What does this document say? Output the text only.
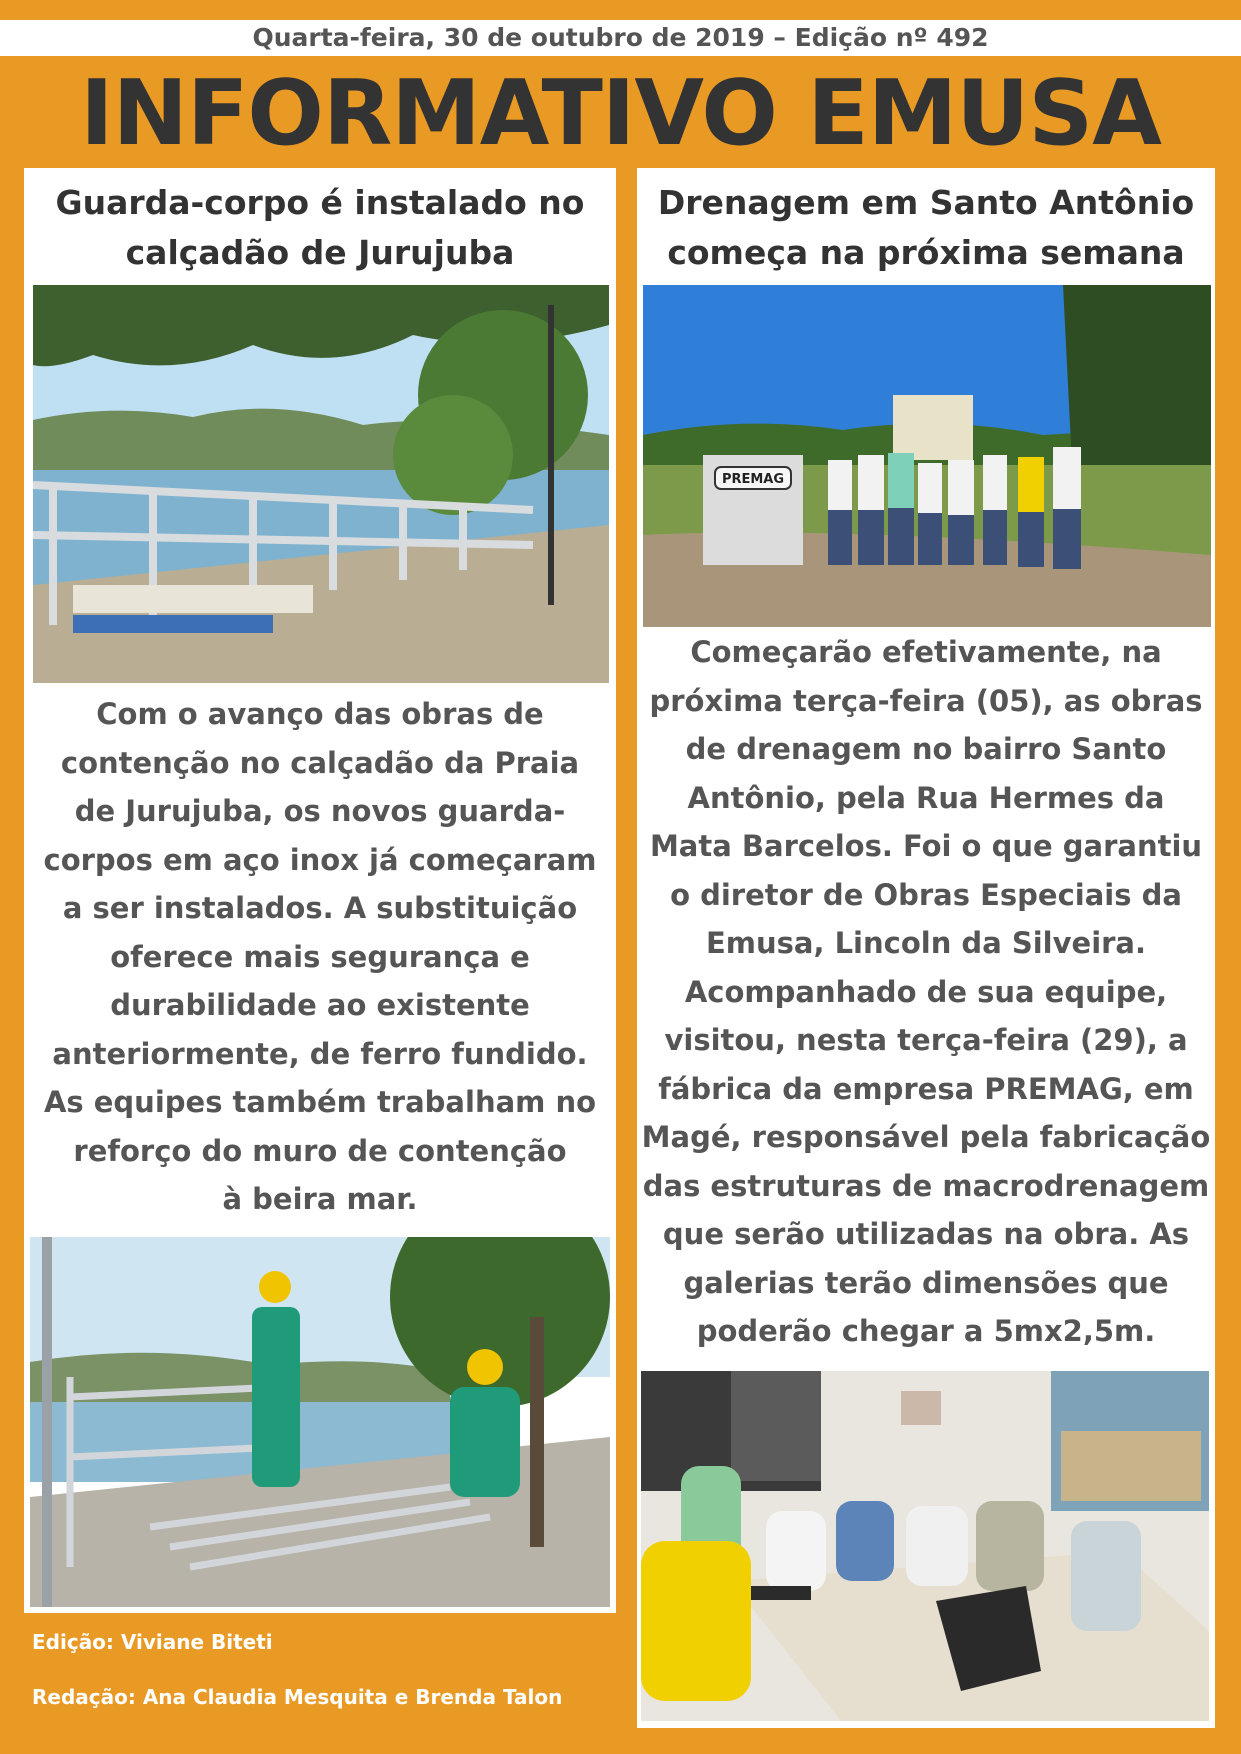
Quarta-feira, 30 de outubro de 2019 – Edição nº 492
INFORMATIVO EMUSA
Guarda-corpo é instalado no
calçadão de Jurujuba
Com o avanço das obras de
contenção no calçadão da Praia
de Jurujuba, os novos guarda-
corpos em aço inox já começaram
a ser instalados. A substituição
oferece mais segurança e
durabilidade ao existente
anteriormente, de ferro fundido.
As equipes também trabalham no
reforço do muro de contenção
à beira mar.
Drenagem em Santo Antônio
começa na próxima semana
PREMAG
Começarão efetivamente, na
próxima terça-feira (05), as obras
de drenagem no bairro Santo
Antônio, pela Rua Hermes da
Mata Barcelos. Foi o que garantiu
o diretor de Obras Especiais da
Emusa, Lincoln da Silveira.
Acompanhado de sua equipe,
visitou, nesta terça-feira (29), a
fábrica da empresa PREMAG, em
Magé, responsável pela fabricação
das estruturas de macrodrenagem
que serão utilizadas na obra. As
galerias terão dimensões que
poderão chegar a 5mx2,5m.
Edição: Viviane Biteti
Redação: Ana Claudia Mesquita e Brenda Talon
